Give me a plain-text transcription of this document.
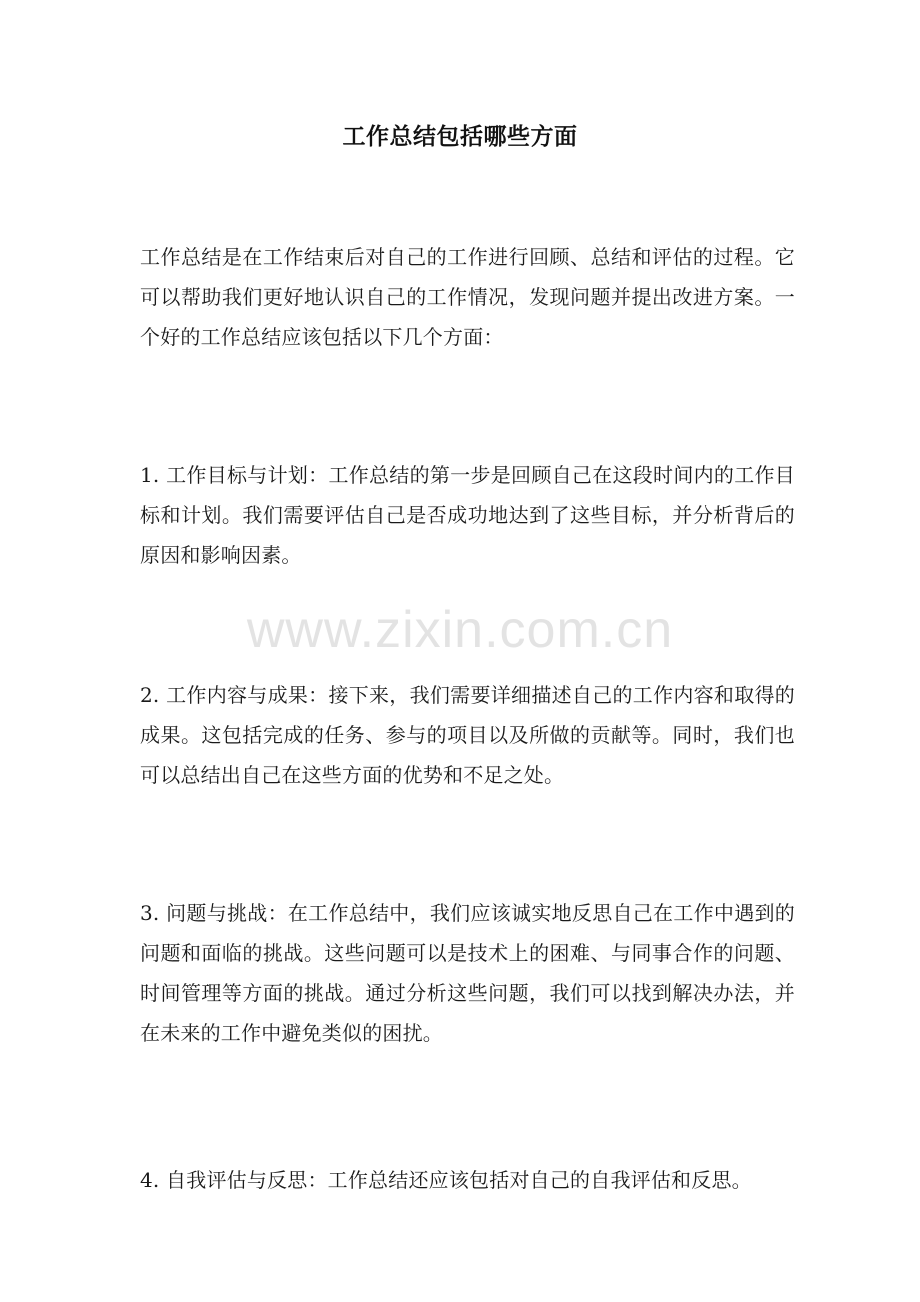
工作总结包括哪些方面
工作总结是在工作结束后对自己的工作进行回顾、总结和评估的过程。它可以帮助我们更好地认识自己的工作情况，发现问题并提出改进方案。一个好的工作总结应该包括以下几个方面：
1. 工作目标与计划：工作总结的第一步是回顾自己在这段时间内的工作目标和计划。我们需要评估自己是否成功地达到了这些目标，并分析背后的原因和影响因素。
www.zixin.com.cn
2. 工作内容与成果：接下来，我们需要详细描述自己的工作内容和取得的成果。这包括完成的任务、参与的项目以及所做的贡献等。同时，我们也可以总结出自己在这些方面的优势和不足之处。
3. 问题与挑战：在工作总结中，我们应该诚实地反思自己在工作中遇到的问题和面临的挑战。这些问题可以是技术上的困难、与同事合作的问题、时间管理等方面的挑战。通过分析这些问题，我们可以找到解决办法，并在未来的工作中避免类似的困扰。
4. 自我评估与反思：工作总结还应该包括对自己的自我评估和反思。
